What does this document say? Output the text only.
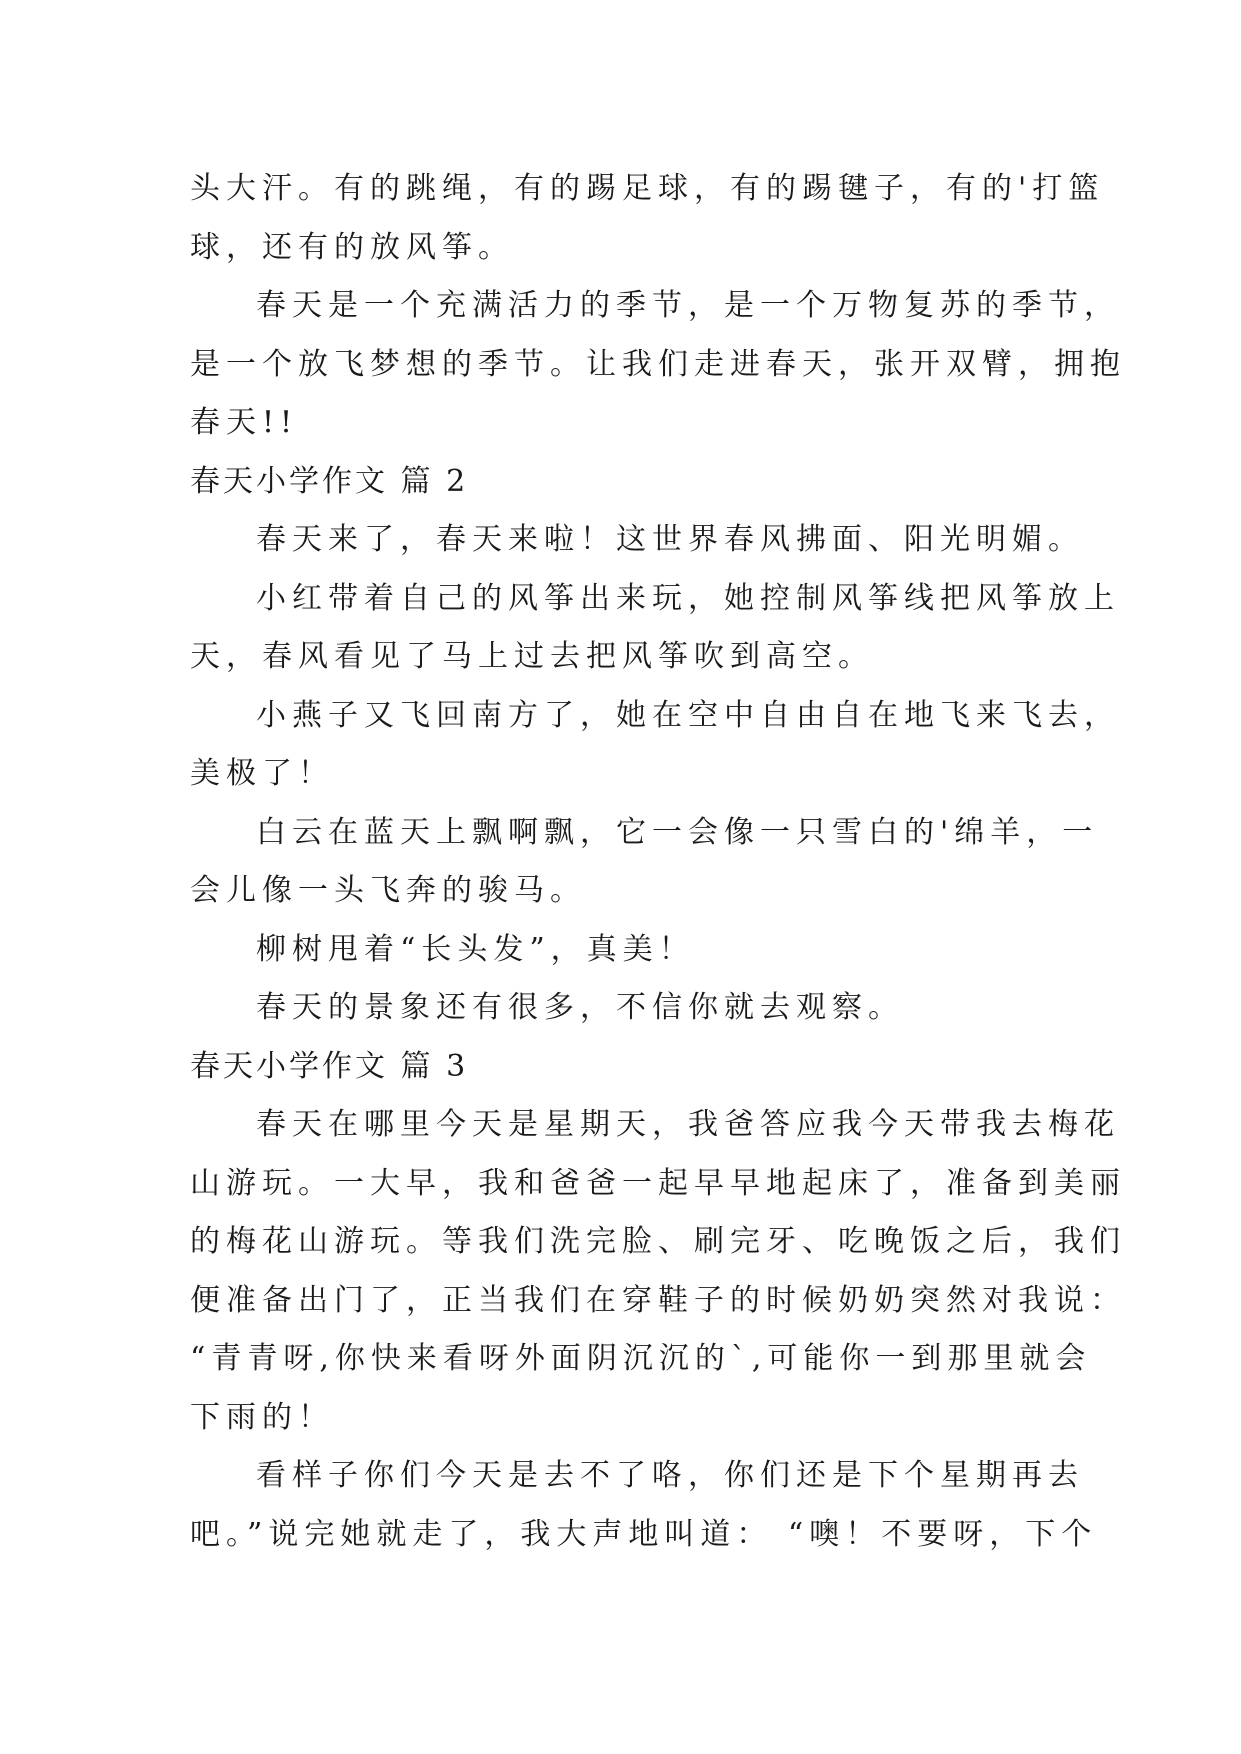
头大汗。有的跳绳，有的踢足球，有的踢毽子，有的'打篮
球，还有的放风筝。
春天是一个充满活力的季节，是一个万物复苏的季节，
是一个放飞梦想的季节。让我们走进春天，张开双臂，拥抱
春天!!
春天小学作文 篇 2
春天来了，春天来啦！这世界春风拂面、阳光明媚。
小红带着自己的风筝出来玩，她控制风筝线把风筝放上
天，春风看见了马上过去把风筝吹到高空。
小燕子又飞回南方了，她在空中自由自在地飞来飞去，
美极了！
白云在蓝天上飘啊飘，它一会像一只雪白的'绵羊，一
会儿像一头飞奔的骏马。
柳树甩着“长头发”，真美！
春天的景象还有很多，不信你就去观察。
春天小学作文 篇 3
春天在哪里今天是星期天，我爸答应我今天带我去梅花
山游玩。一大早，我和爸爸一起早早地起床了，准备到美丽
的梅花山游玩。等我们洗完脸、刷完牙、吃晚饭之后，我们
便准备出门了，正当我们在穿鞋子的时候奶奶突然对我说：
“青青呀,你快来看呀外面阴沉沉的`,可能你一到那里就会
下雨的！
看样子你们今天是去不了咯，你们还是下个星期再去
吧。”说完她就走了，我大声地叫道： “噢！不要呀，下个
